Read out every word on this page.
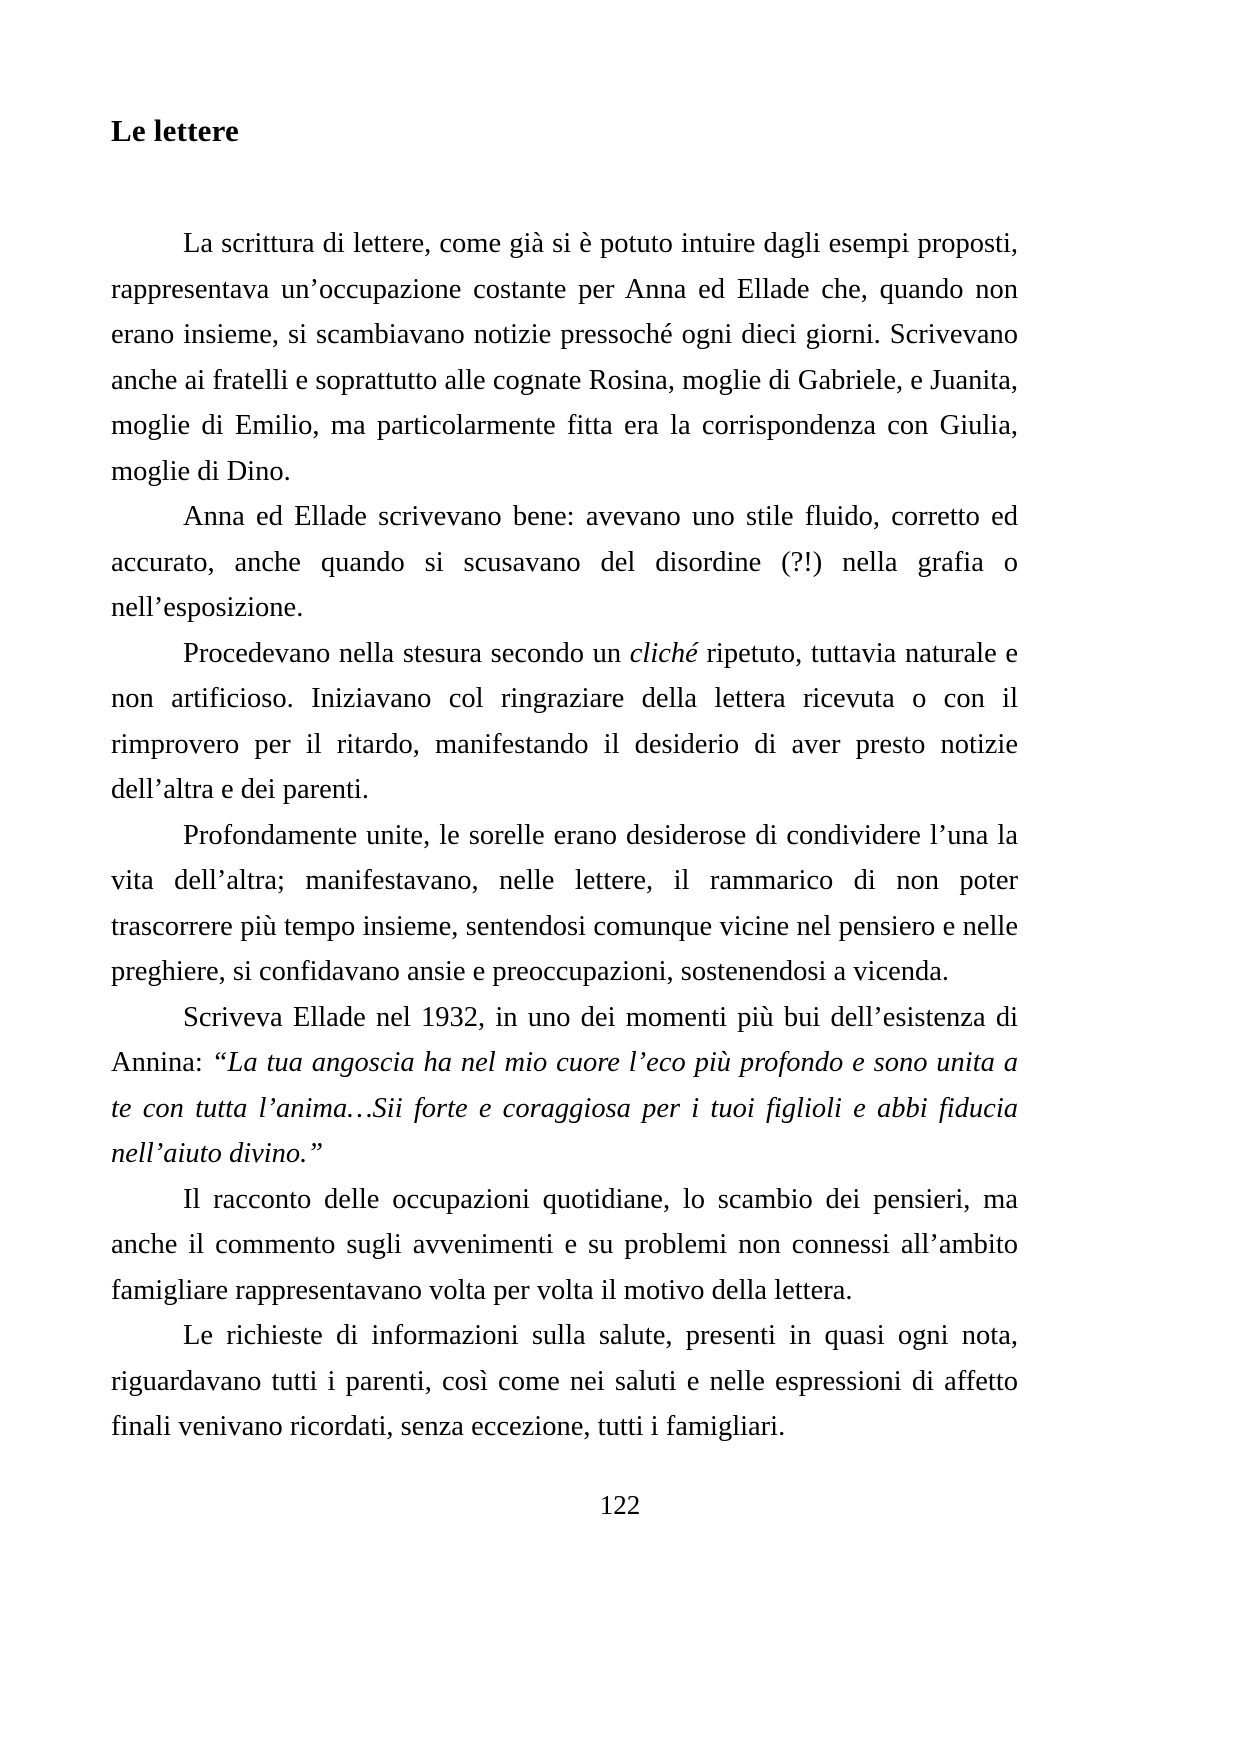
Le lettere

La scrittura di lettere, come già si è potuto intuire dagli esempi proposti, rappresentava un’occupazione costante per Anna ed Ellade che, quando non erano insieme, si scambiavano notizie pressoché ogni dieci giorni. Scrivevano anche ai fratelli e soprattutto alle cognate Rosina, moglie di Gabriele, e Juanita, moglie di Emilio, ma particolarmente fitta era la corrispondenza con Giulia, moglie di Dino.

Anna ed Ellade scrivevano bene: avevano uno stile fluido, corretto ed accurato, anche quando si scusavano del disordine (?!) nella grafia o nell’esposizione.

Procedevano nella stesura secondo un cliché ripetuto, tuttavia naturale e non artificioso. Iniziavano col ringraziare della lettera ricevuta o con il rimprovero per il ritardo, manifestando il desiderio di aver presto notizie dell’altra e dei parenti.

Profondamente unite, le sorelle erano desiderose di condividere l’una la vita dell’altra; manifestavano, nelle lettere, il rammarico di non poter trascorrere più tempo insieme, sentendosi comunque vicine nel pensiero e nelle preghiere, si confidavano ansie e preoccupazioni, sostenendosi a vicenda.

Scriveva Ellade nel 1932, in uno dei momenti più bui dell’esistenza di Annina: “La tua angoscia ha nel mio cuore l’eco più profondo e sono unita a te con tutta l’anima…Sii forte e coraggiosa per i tuoi figlioli e abbi fiducia nell’aiuto divino.”

Il racconto delle occupazioni quotidiane, lo scambio dei pensieri, ma anche il commento sugli avvenimenti e su problemi non connessi all’ambito famigliare rappresentavano volta per volta il motivo della lettera.

Le richieste di informazioni sulla salute, presenti in quasi ogni nota, riguardavano tutti i parenti, così come nei saluti e nelle espressioni di affetto finali venivano ricordati, senza eccezione, tutti i famigliari.

122
